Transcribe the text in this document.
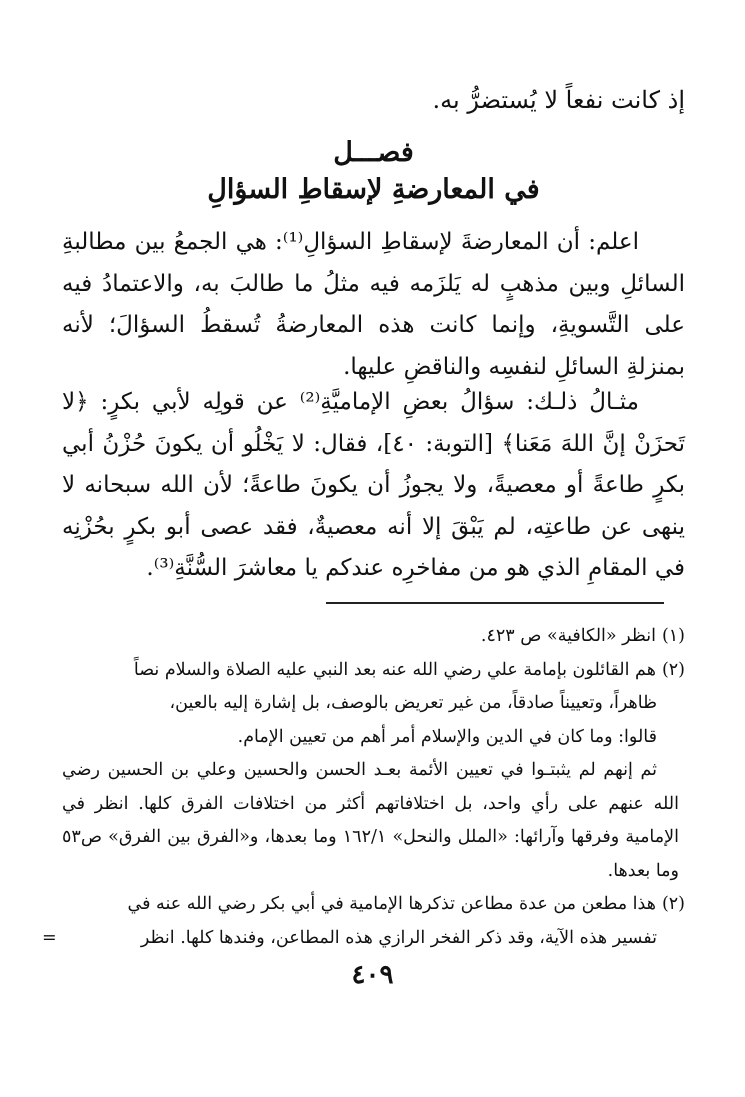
إذ كانت نفعاً لا يُستضرُّ به.
فصـــل
في المعارضةِ لإسقاطِ السؤالِ

اعلم: أن المعارضةَ لإسقاطِ السؤالِ⁽¹⁾: هي الجمعُ بين مطالبةِ السائلِ وبين مذهبٍ له يَلزَمه فيه مثلُ ما طالبَ به، والاعتمادُ فيه على التَّسويةِ، وإنما كانت هذه المعارضةُ تُسقطُ السؤالَ؛ لأنه بمنزلةِ السائلِ لنفسِه والناقضِ عليها.

مثـالُ ذلـك: سؤالُ بعضِ الإماميَّةِ⁽²⁾ عن قولِه لأبي بكرٍ: ﴿لا تَحزَنْ إنَّ اللهَ مَعَنا﴾ [التوبة: ٤٠]، فقال: لا يَخْلُو أن يكونَ حُزْنُ أبي بكرٍ طاعةً أو معصيةً، ولا يجوزُ أن يكونَ طاعةً؛ لأن الله سبحانه لا ينهى عن طاعتِه، لم يَبْقَ إلا أنه معصيةٌ، فقد عصى أبو بكرٍ بحُزْنِه في المقامِ الذي هو من مفاخرِه عندكم يا معاشرَ السُّنَّةِ⁽³⁾.

(١)انظر «الكافية» ص ٤٢٣.

(٢)هم القائلون بإمامة علي رضي الله عنه بعد النبي عليه الصلاة والسلام نصاً

ظاهراً، وتعييناً صادقاً، من غير تعريض بالوصف، بل إشارة إليه بالعين،

قالوا: وما كان في الدين والإسلام أمر أهم من تعيين الإمام.

ثم إنهم لم يثبتـوا في تعيين الأئمة بعـد الحسن والحسين وعلي بن الحسين رضي الله عنهم على رأي واحد، بل اختلافاتهم أكثر من اختلافات الفرق كلها. انظر في الإمامية وفرقها وآرائها: «الملل والنحل» ١٦٢/١ وما بعدها، و«الفرق بين الفرق» ص٥٣ وما بعدها.

(٢)هذا مطعن من عدة مطاعن تذكرها الإمامية في أبي بكر رضي الله عنه في

تفسير هذه الآية، وقد ذكر الفخر الرازي هذه المطاعن، وفندها كلها. انظر
=

٤٠٩
